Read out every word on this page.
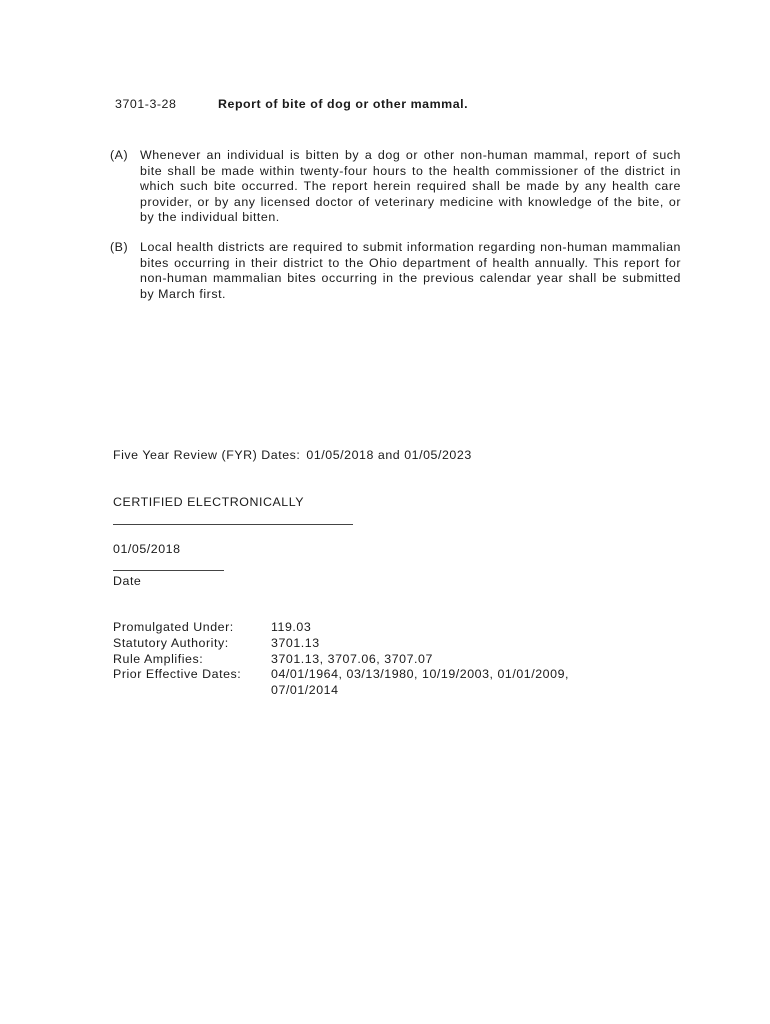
3701-3-28	Report of bite of dog or other mammal.
(A) Whenever an individual is bitten by a dog or other non-human mammal, report of such bite shall be made within twenty-four hours to the health commissioner of the district in which such bite occurred. The report herein required shall be made by any health care provider, or by any licensed doctor of veterinary medicine with knowledge of the bite, or by the individual bitten.
(B) Local health districts are required to submit information regarding non-human mammalian bites occurring in their district to the Ohio department of health annually. This report for non-human mammalian bites occurring in the previous calendar year shall be submitted by March first.
Five Year Review (FYR) Dates: 01/05/2018 and 01/05/2023
CERTIFIED ELECTRONICALLY
01/05/2018
Date
Promulgated Under:	119.03
Statutory Authority:	3701.13
Rule Amplifies:	3701.13, 3707.06, 3707.07
Prior Effective Dates: 04/01/1964, 03/13/1980, 10/19/2003, 01/01/2009, 07/01/2014
